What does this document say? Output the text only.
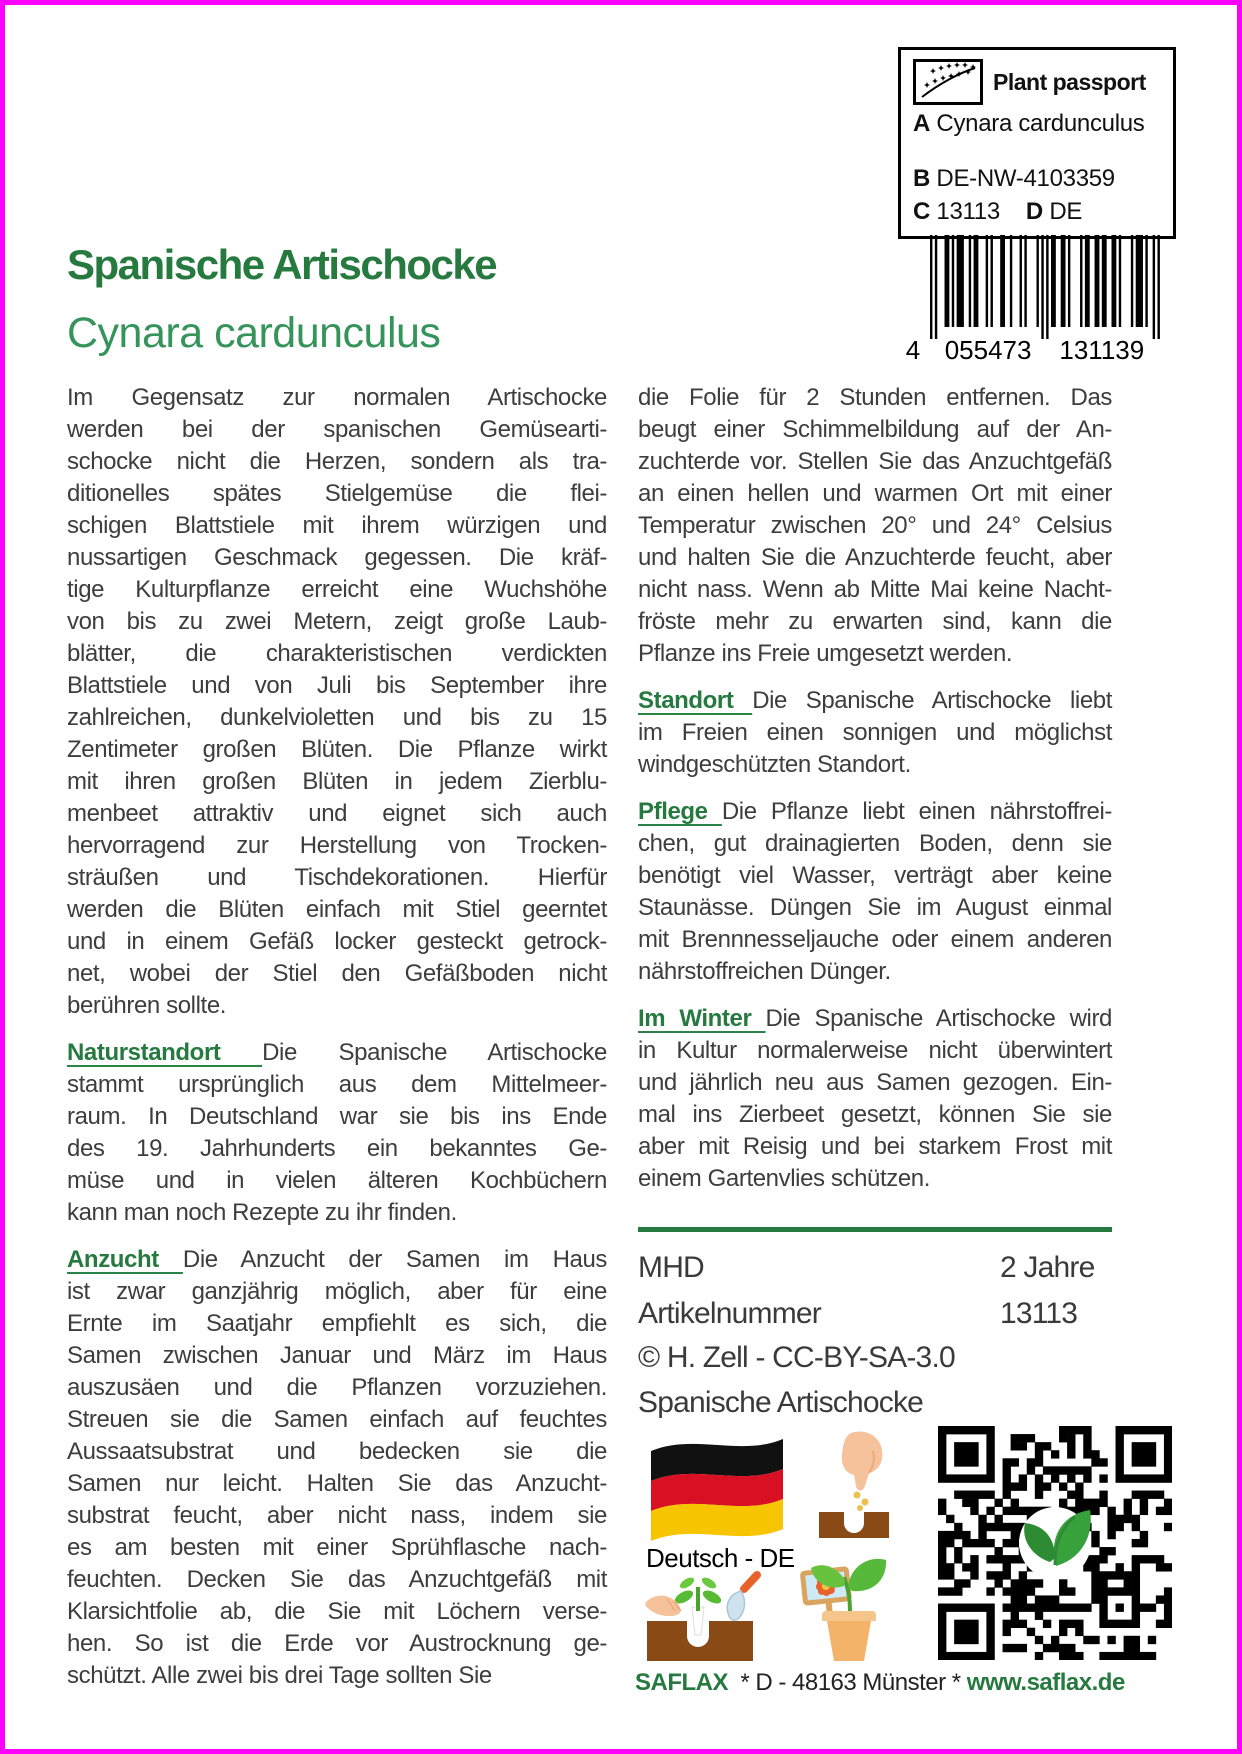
Plant passport
A Cynara cardunculus
B DE-NW-4103359
C 13113 D DE
4 055473 131139
Spanische Artischocke
Cynara cardunculus
Im Gegensatz zur normalen Artischocke
werden bei der spanischen Gemüsearti-
schocke nicht die Herzen, sondern als tra-
ditionelles spätes Stielgemüse die flei-
schigen Blattstiele mit ihrem würzigen und
nussartigen Geschmack gegessen. Die kräf-
tige Kulturpflanze erreicht eine Wuchshöhe
von bis zu zwei Metern, zeigt große Laub-
blätter, die charakteristischen verdickten
Blattstiele und von Juli bis September ihre
zahlreichen, dunkelvioletten und bis zu 15
Zentimeter großen Blüten. Die Pflanze wirkt
mit ihren großen Blüten in jedem Zierblu-
menbeet attraktiv und eignet sich auch
hervorragend zur Herstellung von Trocken-
sträußen und Tischdekorationen. Hierfür
werden die Blüten einfach mit Stiel geerntet
und in einem Gefäß locker gesteckt getrock-
net, wobei der Stiel den Gefäßboden nicht
berühren sollte.
Naturstandort Die Spanische Artischocke
stammt ursprünglich aus dem Mittelmeer-
raum. In Deutschland war sie bis ins Ende
des 19. Jahrhunderts ein bekanntes Ge-
müse und in vielen älteren Kochbüchern
kann man noch Rezepte zu ihr finden.
Anzucht Die Anzucht der Samen im Haus
ist zwar ganzjährig möglich, aber für eine
Ernte im Saatjahr empfiehlt es sich, die
Samen zwischen Januar und März im Haus
auszusäen und die Pflanzen vorzuziehen.
Streuen sie die Samen einfach auf feuchtes
Aussaatsubstrat und bedecken sie die
Samen nur leicht. Halten Sie das Anzucht-
substrat feucht, aber nicht nass, indem sie
es am besten mit einer Sprühflasche nach-
feuchten. Decken Sie das Anzuchtgefäß mit
Klarsichtfolie ab, die Sie mit Löchern verse-
hen. So ist die Erde vor Austrocknung ge-
schützt. Alle zwei bis drei Tage sollten Sie
die Folie für 2 Stunden entfernen. Das
beugt einer Schimmelbildung auf der An-
zuchterde vor. Stellen Sie das Anzuchtgefäß
an einen hellen und warmen Ort mit einer
Temperatur zwischen 20° und 24° Celsius
und halten Sie die Anzuchterde feucht, aber
nicht nass. Wenn ab Mitte Mai keine Nacht-
fröste mehr zu erwarten sind, kann die
Pflanze ins Freie umgesetzt werden.
Standort Die Spanische Artischocke liebt
im Freien einen sonnigen und möglichst
windgeschützten Standort.
Pflege Die Pflanze liebt einen nährstoffrei-
chen, gut drainagierten Boden, denn sie
benötigt viel Wasser, verträgt aber keine
Staunässe. Düngen Sie im August einmal
mit Brennnesseljauche oder einem anderen
nährstoffreichen Dünger.
Im Winter Die Spanische Artischocke wird
in Kultur normalerweise nicht überwintert
und jährlich neu aus Samen gezogen. Ein-
mal ins Zierbeet gesetzt, können Sie sie
aber mit Reisig und bei starkem Frost mit
einem Gartenvlies schützen.
MHD	2 Jahre
Artikelnummer	13113
© H. Zell - CC-BY-SA-3.0
Spanische Artischocke
Deutsch - DE
SAFLAX  * D - 48163 Münster * www.saflax.de
